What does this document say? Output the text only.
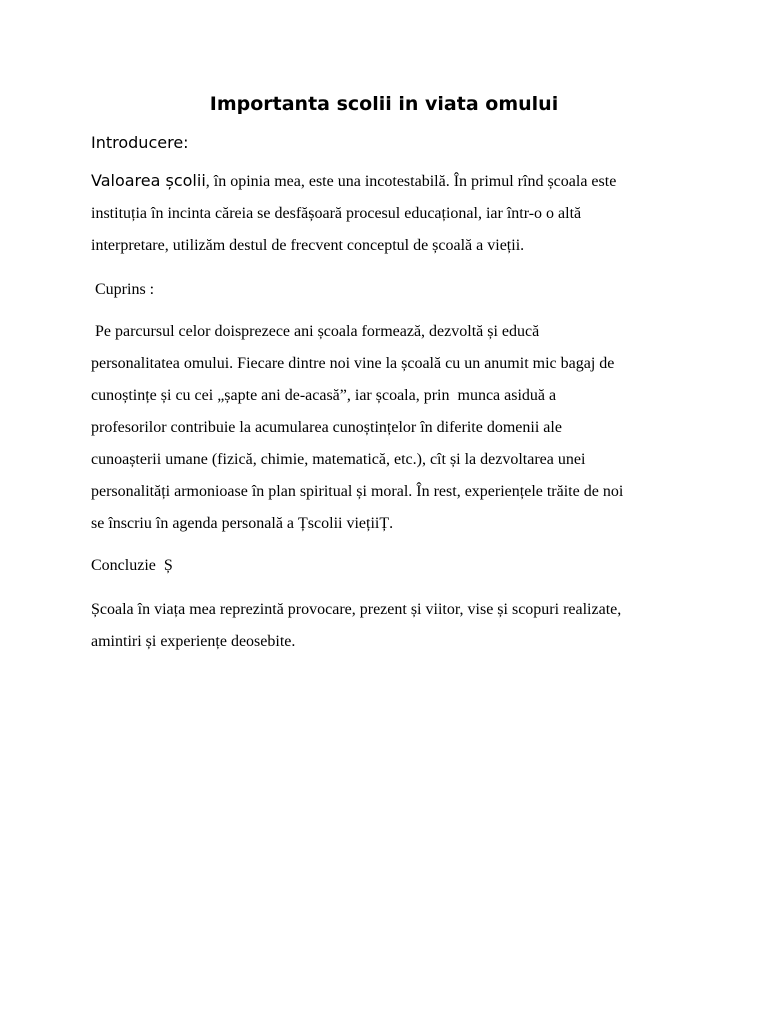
Importanta scolii in viata omului
Introducere:
Valoarea școlii, în opinia mea, este una incotestabilă. În primul rînd școala este
instituția în incinta căreia se desfășoară procesul educațional, iar într-o o altă
interpretare, utilizăm destul de frecvent conceptul de școală a vieții.
Cuprins :
Pe parcursul celor doisprezece ani școala formează, dezvoltă și educă
personalitatea omului. Fiecare dintre noi vine la școală cu un anumit mic bagaj de
cunoștințe și cu cei „șapte ani de-acasă”, iar școala, prin  munca asiduă a
profesorilor contribuie la acumularea cunoștințelor în diferite domenii ale
cunoașterii umane (fizică, chimie, matematică, etc.), cît și la dezvoltarea unei
personalități armonioase în plan spiritual și moral. În rest, experiențele trăite de noi
se înscriu în agenda personală a Țscolii viețiiȚ.
Concluzie  Ș
Școala în viața mea reprezintă provocare, prezent și viitor, vise și scopuri realizate,
amintiri și experiențe deosebite.
